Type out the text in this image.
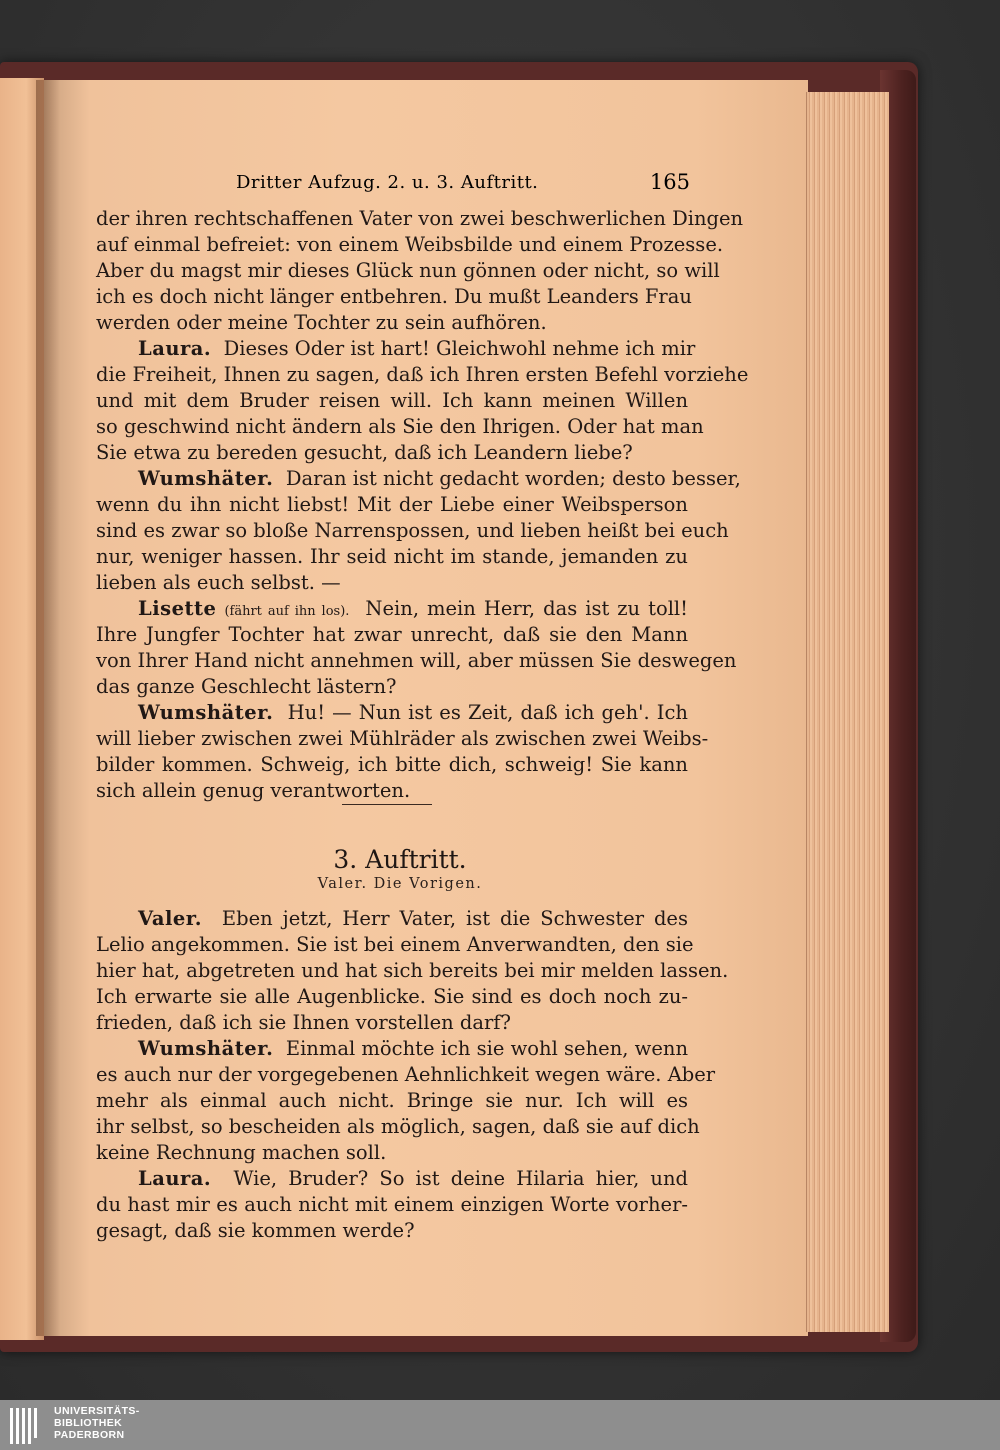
Dritter Aufzug. 2. u. 3. Auftritt.	165
der ihren rechtschaffenen Vater von zwei beschwerlichen Dingen
auf einmal befreiet: von einem Weibsbilde und einem Prozesse.
Aber du magst mir dieses Glück nun gönnen oder nicht, so will
ich es doch nicht länger entbehren. Du mußt Leanders Frau
werden oder meine Tochter zu sein aufhören.
Laura. Dieses Oder ist hart! Gleichwohl nehme ich mir
die Freiheit, Ihnen zu sagen, daß ich Ihren ersten Befehl vorziehe
und mit dem Bruder reisen will. Ich kann meinen Willen
so geschwind nicht ändern als Sie den Ihrigen. Oder hat man
Sie etwa zu bereden gesucht, daß ich Leandern liebe?
Wumshäter. Daran ist nicht gedacht worden; desto besser,
wenn du ihn nicht liebst! Mit der Liebe einer Weibsperson
sind es zwar so bloße Narrenspossen, und lieben heißt bei euch
nur, weniger hassen. Ihr seid nicht im stande, jemanden zu
lieben als euch selbst. —
Lisette (fährt auf ihn los). Nein, mein Herr, das ist zu toll!
Ihre Jungfer Tochter hat zwar unrecht, daß sie den Mann
von Ihrer Hand nicht annehmen will, aber müssen Sie deswegen
das ganze Geschlecht lästern?
Wumshäter. Hu! — Nun ist es Zeit, daß ich geh'. Ich
will lieber zwischen zwei Mühlräder als zwischen zwei Weibs-
bilder kommen. Schweig, ich bitte dich, schweig! Sie kann
sich allein genug verantworten.
3. Auftritt.
Valer. Die Vorigen.
Valer. Eben jetzt, Herr Vater, ist die Schwester des
Lelio angekommen. Sie ist bei einem Anverwandten, den sie
hier hat, abgetreten und hat sich bereits bei mir melden lassen.
Ich erwarte sie alle Augenblicke. Sie sind es doch noch zu-
frieden, daß ich sie Ihnen vorstellen darf?
Wumshäter. Einmal möchte ich sie wohl sehen, wenn
es auch nur der vorgegebenen Aehnlichkeit wegen wäre. Aber
mehr als einmal auch nicht. Bringe sie nur. Ich will es
ihr selbst, so bescheiden als möglich, sagen, daß sie auf dich
keine Rechnung machen soll.
Laura. Wie, Bruder? So ist deine Hilaria hier, und
du hast mir es auch nicht mit einem einzigen Worte vorher-
gesagt, daß sie kommen werde?
UNIVERSITÄTS-
BIBLIOTHEK
PADERBORN
